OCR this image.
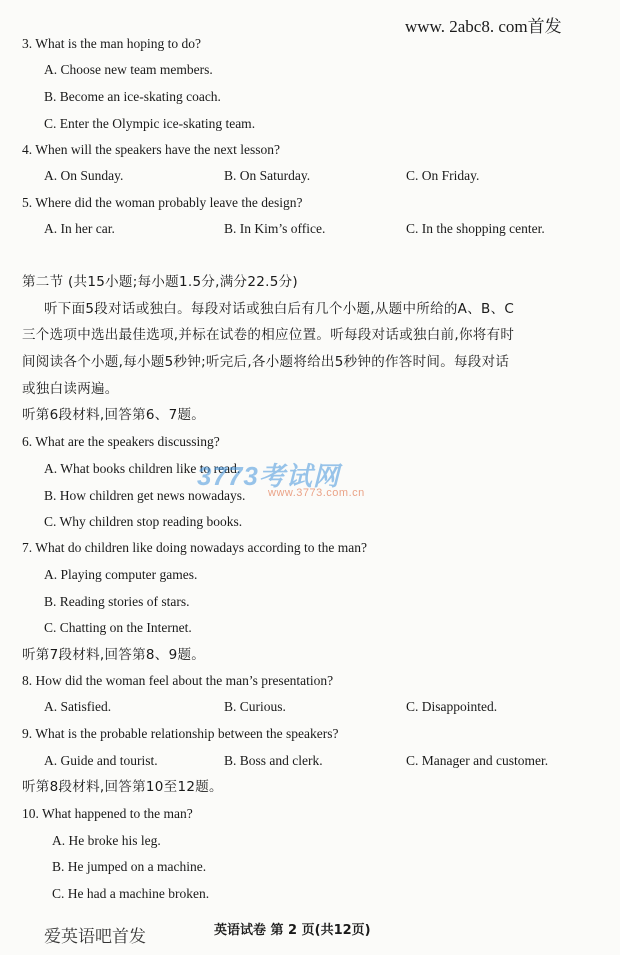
www. 2abc8. com首发
3. What is the man hoping to do?
A. Choose new team members.
B. Become an ice-skating coach.
C. Enter the Olympic ice-skating team.
4. When will the speakers have the next lesson?
A. On Sunday.	B. On Saturday.	C. On Friday.
5. Where did the woman probably leave the design?
A. In her car.	B. In Kim’s office.	C. In the shopping center.
第二节 (共15小题;每小题1.5分,满分22.5分)
听下面5段对话或独白。每段对话或独白后有几个小题,从题中所给的A、B、C
三个选项中选出最佳选项,并标在试卷的相应位置。听每段对话或独白前,你将有时
间阅读各个小题,每小题5秒钟;听完后,各小题将给出5秒钟的作答时间。每段对话
或独白读两遍。
听第6段材料,回答第6、7题。
6. What are the speakers discussing?
A. What books children like to read.
B. How children get news nowadays.
C. Why children stop reading books.
3773考试网
www.3773.com.cn
7. What do children like doing nowadays according to the man?
A. Playing computer games.
B. Reading stories of stars.
C. Chatting on the Internet.
听第7段材料,回答第8、9题。
8. How did the woman feel about the man’s presentation?
A. Satisfied.	B. Curious.	C. Disappointed.
9. What is the probable relationship between the speakers?
A. Guide and tourist.	B. Boss and clerk.	C. Manager and customer.
听第8段材料,回答第10至12题。
10. What happened to the man?
A. He broke his leg.
B. He jumped on a machine.
C. He had a machine broken.
爱英语吧首发	英语试卷 第 2 页(共12页)
